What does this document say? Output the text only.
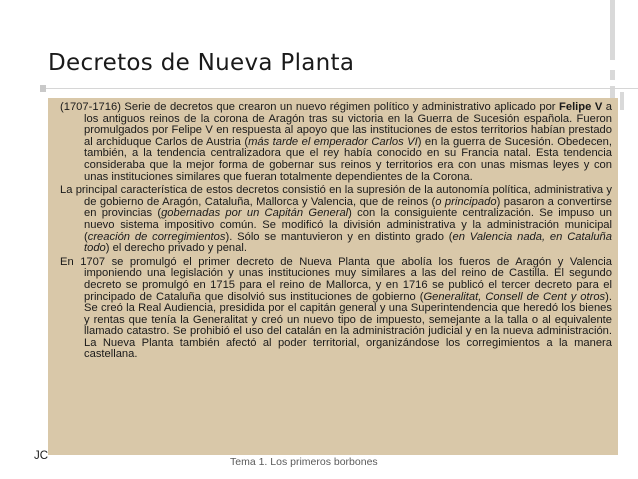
Decretos de Nueva Planta

(1707-1716) Serie de decretos que crearon un nuevo régimen político y administrativo aplicado por Felipe V a los antiguos reinos de la corona de Aragón tras su victoria en la Guerra de Sucesión española. Fueron promulgados por Felipe V en respuesta al apoyo que las instituciones de estos territorios habían prestado al archiduque Carlos de Austria (más tarde el emperador Carlos VI) en la guerra de Sucesión. Obedecen, también, a la tendencia centralizadora que el rey había conocido en su Francia natal. Esta tendencia consideraba que la mejor forma de gobernar sus reinos y territorios era con unas mismas leyes y con unas instituciones similares que fueran totalmente dependientes de la Corona.

La principal característica de estos decretos consistió en la supresión de la autonomía política, administrativa y de gobierno de Aragón, Cataluña, Mallorca y Valencia, que de reinos (o principado) pasaron a convertirse en provincias (gobernadas por un Capitán General) con la consiguiente centralización. Se impuso un nuevo sistema impositivo común. Se modificó la división administrativa y la administración municipal (creación de corregimientos). Sólo se mantuvieron y en distinto grado (en Valencia nada, en Cataluña todo) el derecho privado y penal.

En 1707 se promulgó el primer decreto de Nueva Planta que abolía los fueros de Aragón y Valencia imponiendo una legislación y unas instituciones muy similares a las del reino de Castilla. El segundo decreto se promulgó en 1715 para el reino de Mallorca, y en 1716 se publicó el tercer decreto para el principado de Cataluña que disolvió sus instituciones de gobierno (Generalitat, Consell de Cent y otros). Se creó la Real Audiencia, presidida por el capitán general y una Superintendencia que heredó los bienes y rentas que tenía la Generalitat y creó un nuevo tipo de impuesto, semejante a la talla o al equivalente llamado catastro. Se prohibió el uso del catalán en la administración judicial y en la nueva administración. La Nueva Planta también afectó al poder territorial, organizándose los corregimientos a la manera castellana.

JC	Tema 1. Los primeros borbones
